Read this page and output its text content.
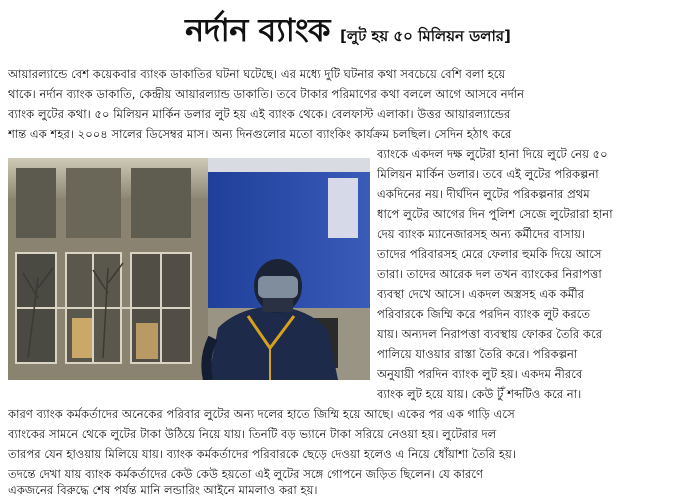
নর্দান ব্যাংক [লুট হয় ৫০ মিলিয়ন ডলার]
আয়ারল্যান্ডে বেশ কয়েকবার ব্যাংক ডাকাতির ঘটনা ঘটেছে। এর মধ্যে দুটি ঘটনার কথা সবচেয়ে বেশি বলা হয়ে
থাকে। নর্দান ব্যাংক ডাকাতি, কেন্দ্রীয় আয়ারল্যান্ড ডাকাতি। তবে টাকার পরিমাণের কথা বললে আগে আসবে নর্দান
ব্যাংক লুটের কথা। ৫০ মিলিয়ন মার্কিন ডলার লুট হয় এই ব্যাংক থেকে। বেলফাস্ট এলাকা। উত্তর আয়ারল্যান্ডের
শান্ত এক শহর। ২০০৪ সালের ডিসেম্বর মাস। অন্য দিনগুলোর মতো ব্যাংকিং কার্যক্রম চলছিল। সেদিন হঠাৎ করে
ব্যাংকে একদল দক্ষ লুটেরা হানা দিয়ে লুটে নেয় ৫০
মিলিয়ন মার্কিন ডলার। তবে এই লুটের পরিকল্পনা
একদিনের নয়। দীর্ঘদিন লুটের পরিকল্পনার প্রথম
ধাপে লুটের আগের দিন পুলিশ সেজে লুটেরারা হানা
দেয় ব্যাংক ম্যানেজারসহ অন্য কর্মীদের বাসায়।
তাদের পরিবারসহ মেরে ফেলার হুমকি দিয়ে আসে
তারা। তাদের আরেক দল তখন ব্যাংকের নিরাপত্তা
ব্যবস্থা দেখে আসে। একদল অস্ত্রসহ এক কর্মীর
পরিবারকে জিম্মি করে পরদিন ব্যাংক লুট করতে
যায়। অন্যদল নিরাপত্তা ব্যবস্থায় ফোকর তৈরি করে
পালিয়ে যাওয়ার রাস্তা তৈরি করে। পরিকল্পনা
অনুযায়ী পরদিন ব্যাংক লুট হয়। একদম নীরবে
ব্যাংক লুট হয়ে যায়। কেউ টুঁ শব্দটিও করে না।
কারণ ব্যাংক কর্মকর্তাদের অনেকের পরিবার লুটের অন্য দলের হাতে জিম্মি হয়ে আছে। একের পর এক গাড়ি এসে
ব্যাংকের সামনে থেকে লুটের টাকা উঠিয়ে নিয়ে যায়। তিনটি বড় ভ্যানে টাকা সরিয়ে নেওয়া হয়। লুটেরার দল
তারপর যেন হাওয়ায় মিলিয়ে যায়। ব্যাংক কর্মকর্তাদের পরিবারকে ছেড়ে দেওয়া হলেও এ নিয়ে ধোঁয়াশা তৈরি হয়।
তদন্তে দেখা যায় ব্যাংক কর্মকর্তাদের কেউ কেউ হয়তো এই লুটের সঙ্গে গোপনে জড়িত ছিলেন। যে কারণে
একজনের বিরুদ্ধে শেষ পর্যন্ত মানি লন্ডারিং আইনে মামলাও করা হয়।
